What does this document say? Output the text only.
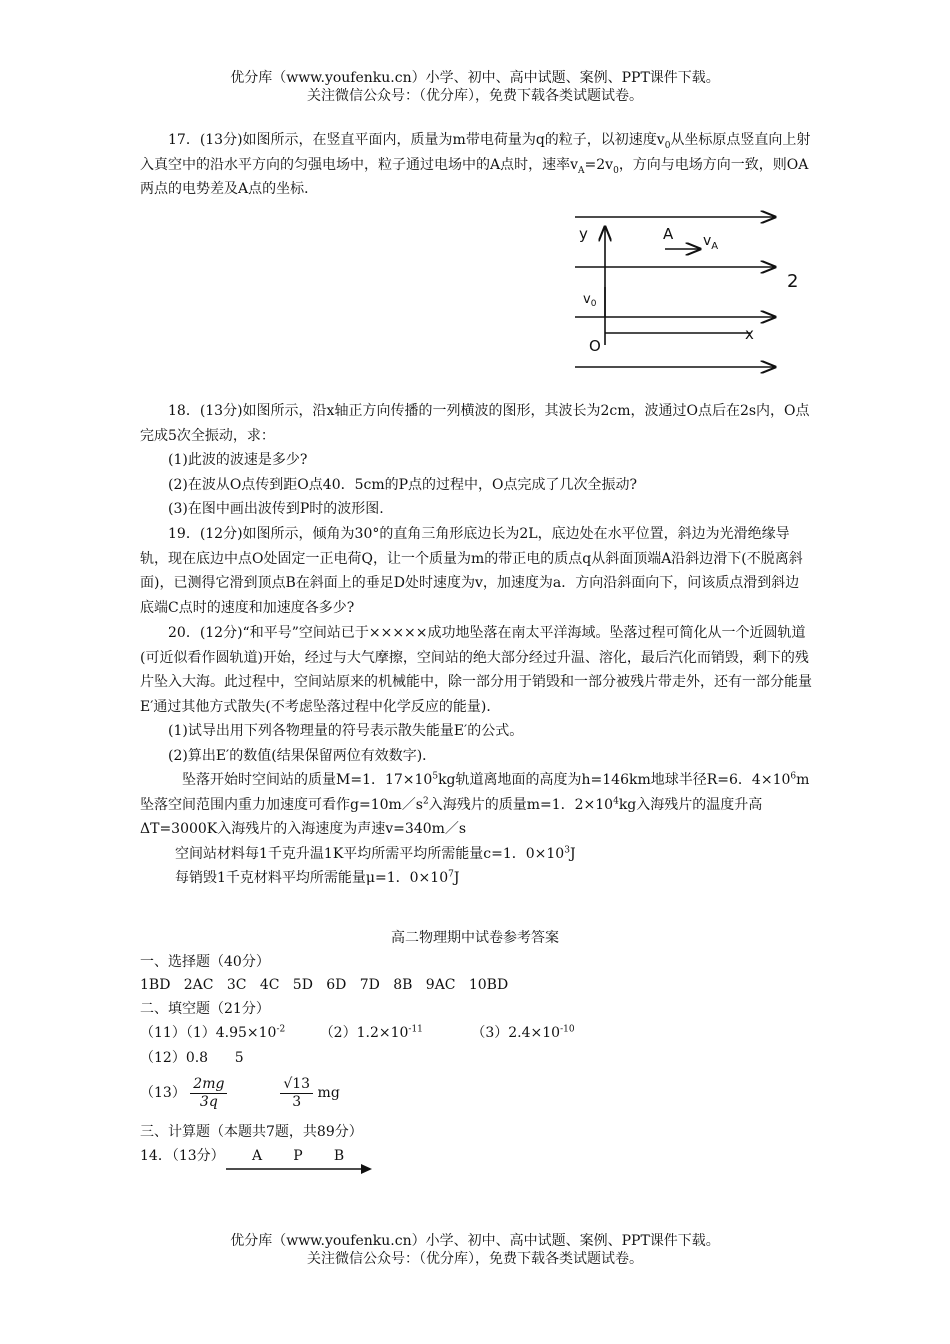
优分库（www.youfenku.cn）小学、初中、高中试题、案例、PPT课件下载。
关注微信公众号：（优分库），免费下载各类试题试卷。
17．(13分)如图所示，在竖直平面内，质量为m带电荷量为q的粒子，以初速度$v_0$从坐标原点竖直向上射入真空中的沿水平方向的匀强电场中，粒子通过电场中的A点时，速率$v_A=2v_0$，方向与电场方向一致，则OA两点的电势差及A点的坐标．
y	A $v_A$
$v_0$
O
x
2
18．(13分)如图所示，沿x轴正方向传播的一列横波的图形，其波长为2cm，波通过O点后在2s内，O点完成5次全振动，求：
(1)此波的波速是多少?
(2)在波从O点传到距O点40．5cm的P点的过程中，O点完成了几次全振动?
(3)在图中画出波传到P时的波形图.
19．(12分)如图所示，倾角为30°的直角三角形底边长为2L，底边处在水平位置，斜边为光滑绝缘导轨，现在底边中点O处固定一正电荷Q，让一个质量为m的带正电的质点q从斜面顶端A沿斜边滑下(不脱离斜面)，已测得它滑到顶点B在斜面上的垂足D处时速度为v，加速度为a．方向沿斜面向下，问该质点滑到斜边底端C点时的速度和加速度各多少?
20．(12分)“和平号”空间站已于×××××成功地坠落在南太平洋海域。坠落过程可简化从一个近圆轨道(可近似看作圆轨道)开始，经过与大气摩擦，空间站的绝大部分经过升温、溶化，最后汽化而销毁，剩下的残片坠入大海。此过程中，空间站原来的机械能中，除一部分用于销毁和一部分被残片带走外，还有一部分能量E′通过其他方式散失(不考虑坠落过程中化学反应的能量)．
(1)试导出用下列各物理量的符号表示散失能量E′的公式。
(2)算出E′的数值(结果保留两位有效数字)．
坠落开始时空间站的质量M=1．$17\times 10^5kg$轨道离地面的高度为h=146km地球半径R=6．$4\times 10^6m$坠落空间范围内重力加速度可看作$g=10m/s^2$入海残片的质量m=1．$2\times 10^4kg$入海残片的温度升高ΔT=3000K入海残片的入海速度为声速v=340m／s
空间站材料每1千克升温1K平均所需平均所需能量c=1．$0\times 10^3J$
每销毁1千克材料平均所需能量μ=1．$0\times 10^7J$
高二物理期中试卷参考答案
一、选择题（40分）
1BD   2AC   3C   4C   5D   6D   7D   8B   9AC   10BD
二、填空题（21分）
$(11)(1)4.95\times 10^{-2}$ $(2)1.2\times 10^{-11}$	$(3)2.4\times 10^{-10}$
（12）0.8      5
$(13) \frac{2mg}{3q}$
	$\frac{√13}{3}$ mg
三、计算题（本题共7题，共89分）
14．（13分） A       P       B
优分库（www.youfenku.cn）小学、初中、高中试题、案例、PPT课件下载。
关注微信公众号：（优分库），免费下载各类试题试卷。
